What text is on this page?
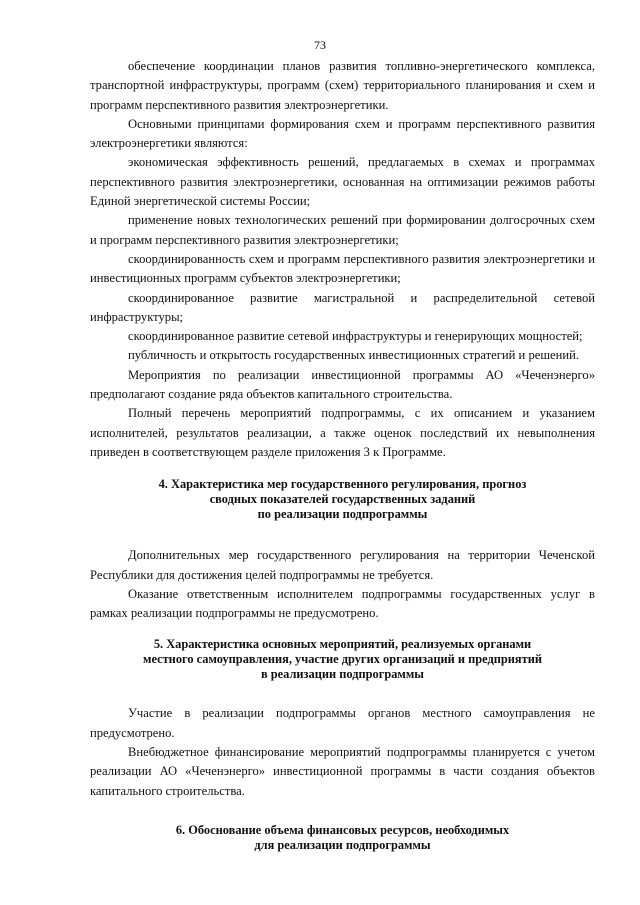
73

обеспечение координации планов развития топливно-энергетического комплекса, транспортной инфраструктуры, программ (схем) территориального планирования и схем и программ перспективного развития электроэнергетики.

Основными принципами формирования схем и программ перспективного развития электроэнергетики являются:

экономическая эффективность решений, предлагаемых в схемах и программах перспективного развития электроэнергетики, основанная на оптимизации режимов работы Единой энергетической системы России;

применение новых технологических решений при формировании долгосрочных схем и программ перспективного развития электроэнергетики;

скоординированность схем и программ перспективного развития электроэнергетики и инвестиционных программ субъектов электроэнергетики;

скоординированное развитие магистральной и распределительной сетевой инфраструктуры;

скоординированное развитие сетевой инфраструктуры и генерирующих мощностей;

публичность и открытость государственных инвестиционных стратегий и решений.

Мероприятия по реализации инвестиционной программы АО «Чеченэнерго» предполагают создание ряда объектов капитального строительства.

Полный перечень мероприятий подпрограммы, с их описанием и указанием исполнителей, результатов реализации, а также оценок последствий их невыполнения приведен в соответствующем разделе приложения 3 к Программе.

4. Характеристика мер государственного регулирования, прогноз
сводных показателей государственных заданий
по реализации подпрограммы

Дополнительных мер государственного регулирования на территории Чеченской Республики для достижения целей подпрограммы не требуется.

Оказание ответственным исполнителем подпрограммы государственных услуг в рамках реализации подпрограммы не предусмотрено.

5. Характеристика основных мероприятий, реализуемых органами
местного самоуправления, участие других организаций и предприятий
в реализации подпрограммы

Участие в реализации подпрограммы органов местного самоуправления не предусмотрено.

Внебюджетное финансирование мероприятий подпрограммы планируется с учетом реализации АО «Чеченэнерго» инвестиционной программы в части создания объектов капитального строительства.

6. Обоснование объема финансовых ресурсов, необходимых
для реализации подпрограммы
